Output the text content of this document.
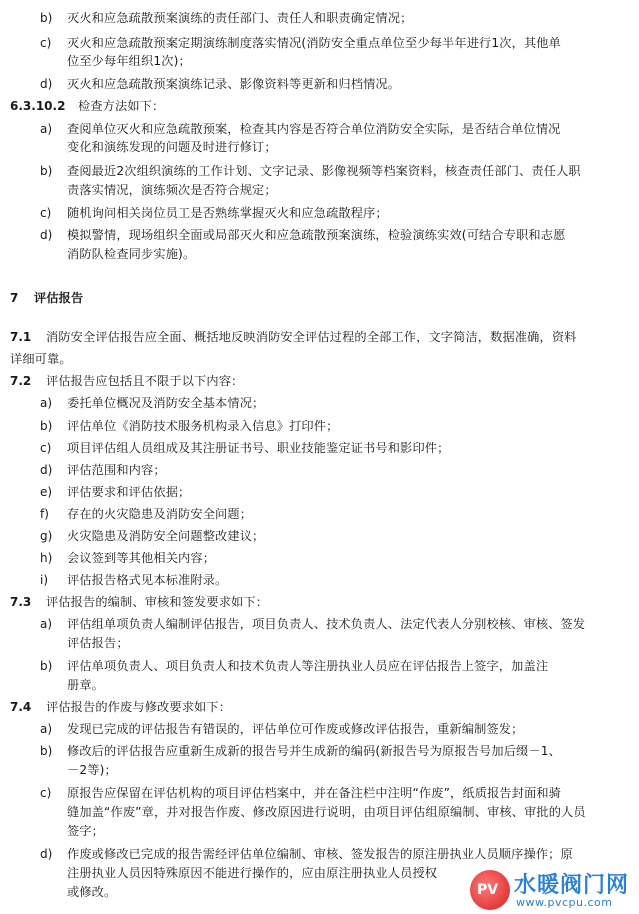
b) 灭火和应急疏散预案演练的责任部门、责任人和职责确定情况；
c) 灭火和应急疏散预案定期演练制度落实情况(消防安全重点单位至少每半年进行1次，其他单
位至少每年组织1次)；
d) 灭火和应急疏散预案演练记录、影像资料等更新和归档情况。
6.3.10.2 检查方法如下：
a) 查阅单位灭火和应急疏散预案，检查其内容是否符合单位消防安全实际，是否结合单位情况
变化和演练发现的问题及时进行修订；
b) 查阅最近2次组织演练的工作计划、文字记录、影像视频等档案资料，核查责任部门、责任人职
责落实情况，演练频次是否符合规定；
c) 随机询问相关岗位员工是否熟练掌握灭火和应急疏散程序；
d) 模拟警情，现场组织全面或局部灭火和应急疏散预案演练，检验演练实效(可结合专职和志愿
消防队检查同步实施)。
7 评估报告
7.1 消防安全评估报告应全面、概括地反映消防安全评估过程的全部工作，文字简洁，数据准确，资料
详细可靠。
7.2 评估报告应包括且不限于以下内容：
a) 委托单位概况及消防安全基本情况；
b) 评估单位《消防技术服务机构录入信息》打印件；
c) 项目评估组人员组成及其注册证书号、职业技能鉴定证书号和影印件；
d) 评估范围和内容；
e) 评估要求和评估依据；
f) 存在的火灾隐患及消防安全问题；
g) 火灾隐患及消防安全问题整改建议；
h) 会议签到等其他相关内容；
i) 评估报告格式见本标准附录。
7.3 评估报告的编制、审核和签发要求如下：
a) 评估组单项负责人编制评估报告，项目负责人、技术负责人、法定代表人分别校核、审核、签发
评估报告；
b) 评估单项负责人、项目负责人和技术负责人等注册执业人员应在评估报告上签字，加盖注
册章。
7.4 评估报告的作废与修改要求如下：
a) 发现已完成的评估报告有错误的，评估单位可作废或修改评估报告，重新编制签发；
b) 修改后的评估报告应重新生成新的报告号并生成新的编码(新报告号为原报告号加后缀－1、
－2等)；
c) 原报告应保留在评估机构的项目评估档案中，并在备注栏中注明“作废”，纸质报告封面和骑
缝加盖“作废”章，并对报告作废、修改原因进行说明，由项目评估组原编制、审核、审批的人员
签字；
d) 作废或修改已完成的报告需经评估单位编制、审核、签发报告的原注册执业人员顺序操作；原
注册执业人员因特殊原因不能进行操作的，应由原注册执业人员授权
或修改。	PV 水暖阀门网
www.pvcpu.com
